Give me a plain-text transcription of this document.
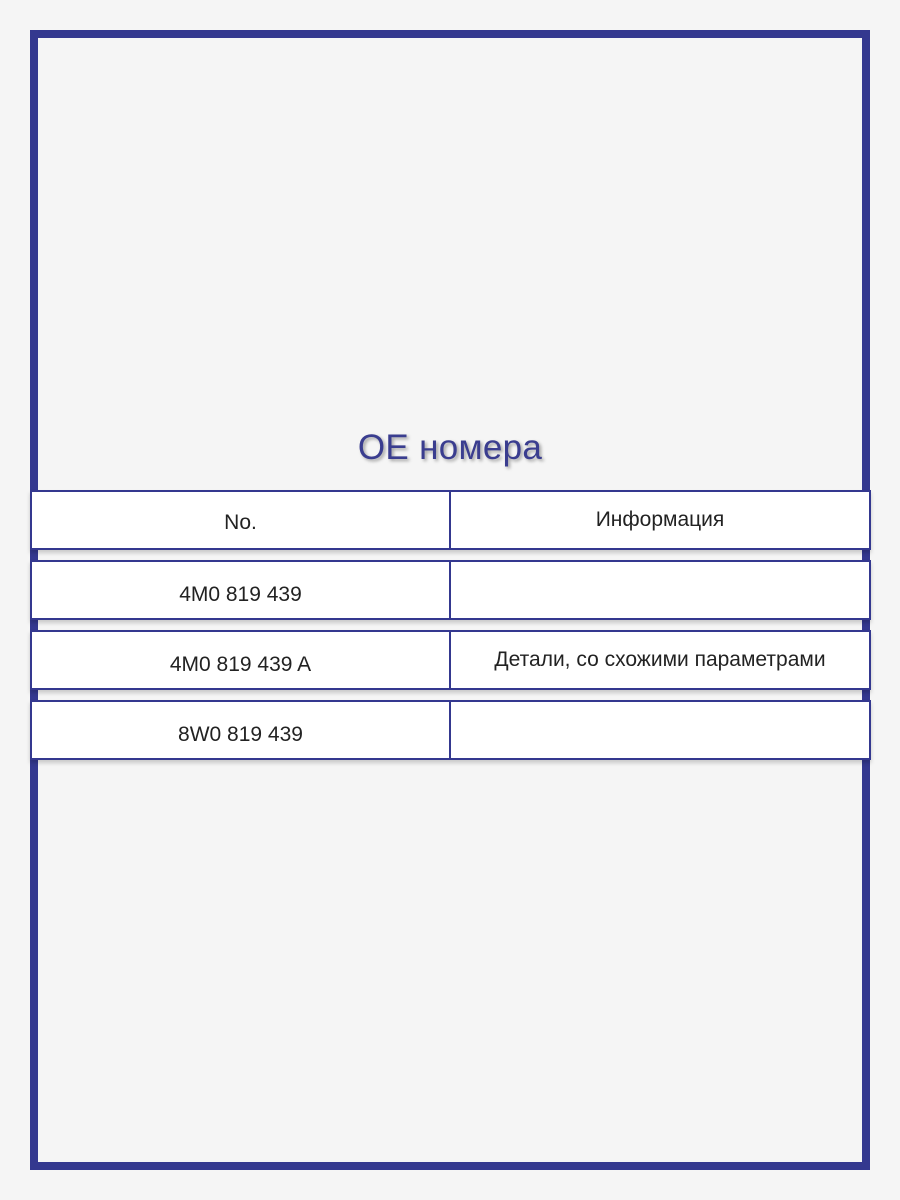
OE номера
No.	Информация
4M0 819 439
4M0 819 439 A	Детали, со схожими параметрами
8W0 819 439
